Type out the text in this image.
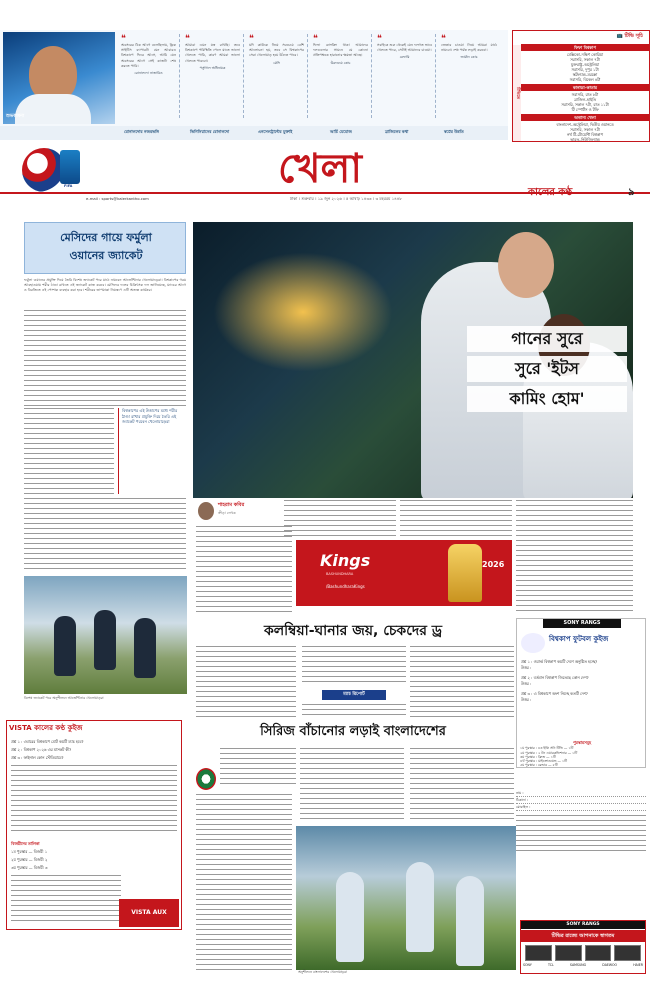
শুভকামনা
❝
অবসরের ঠিক আগে বলেছিলাম, ফ্লিক সাইটিস ব্যাপারটা যেন আবারও বিশ্বকাপে ফিরে আসে, আমি যেন অবসরের আগে সেই কাজটা শেষ করতে পারি।
রোনালদো নাজারিও
❝
আমারা এমন যত্ন রাখছি। তবে বিশ্বকাপে পরিস্থিতি পেলে যাতে ভালো খেলতে পারি, কারণ আমরা ভালো খেলতে পারবো।
পর্তুগাল অধিনায়ক
❝
যদি কাউকে নিয়ে সবচেয়ে বেশি আলোচনা হয়, তবে সে বিশ্বকাপের সেরা খেলোয়াড় হয়ে উঠতে পারে।
মেসি
❝
ফিফা র‍্যাংকিং থাকা আমাদের দলগুলোর সামনে যে কোনো প্রতিপক্ষকে হারানোর ক্ষমতা আছে।
উরুগুয়ে কোচ
❝
সবাইকে শুরু থেকেই যেন দলগত ভাবে খেলতে পারে, সেটাই আমাদের চাওয়া।
রেফারি
❝
জেতার চাওয়া নিয়ে আমরা মাঠে নামবো। শেষ পর্যন্ত লড়াই করবো।
জার্মান কোচ
রোনালদোর নজরভঙ্গি	ভিনিসিয়াসের রোনালদো	এনসেলট্রান্টের মুক্তাই	আর্চি মেমোজ	ব্রাজিলের কথা	স্বপ্নের উন্নতি
📺 টিভি সূচি
টিভিতে
ফিফা বিশ্বকাপ
মেক্সিকো–দক্ষিণ কোরিয়া
সরাসরি, সকাল ৭টা
যুক্তরাষ্ট্র–অস্ট্রেলিয়া
সরাসরি, দুপুর ১টা
স্কটল্যান্ড–মরক্কো
সরাসরি, বিকেল ৪টা
কানাডা–কাতার
সরাসরি, রাত ৮টা
ব্রাজিল–হাইতি
সরাসরি, সকাল ৭টা, রাত ১১টা
টি স্পোর্টস ও টফি
অন্যান্য খেলা
বাংলাদেশ–অস্ট্রেলিয়া, দ্বিতীয় ওয়ানডে
সরাসরি, সকাল ৭টা
নর্থ টি-টোয়েন্টি বিশ্বকাপ
ভারত–নিউজিল্যান্ড
FIFA	খেলা
e-mail : sports@kalerkantho.com	ঢাকা । শুক্রবার । ১৯ জুন ২০২৬ । ৫ আষাঢ় ১৪৩৩ । ৩ মহররম ১৪৪৮
কালের কণ্ঠ	৯
মেসিদের গায়ে ফর্মুলা
ওয়ানের জ্যাকেট
ফর্মুলা ওয়ানের প্রযুক্তি দিয়ে তৈরি বিশেষ জ্যাকেট পরে মাঠে নামবেন আর্জেন্টিনার খেলোয়াড়েরা। বিশ্বকাপের গরম আবহাওয়ায় শরীর ঠাণ্ডা রাখতে এই জ্যাকেট কাজ করবে। মেসিদের দলের চিকিৎসক দল জানিয়েছে, ম্যাচের আগে ও বিরতিতে এই পোশাক ব্যবহার করা হবে। শরীরের তাপমাত্রা নিয়ন্ত্রণে এটি অত্যন্ত কার্যকর।
বিশ্বকাপের এই উত্তাপের মধ্যে শরীর ঠাণ্ডা রাখার প্রযুক্তি দিয়ে তৈরি এই জ্যাকেট পরবেন খেলোয়াড়েরা
বিশেষ জ্যাকেট পরে অনুশীলনে আর্জেন্টিনার খেলোয়াড়রা
গানের সুরে
সুরে 'ইটস
কামিং হোম'
শাহরাম কবির
ক্রীড়া লেখক
Kings
BASHUNDHARA
/BashundharaKings
2026
কলম্বিয়া-ঘানার জয়, চেকদের ড্র
ম্যাচ রিপোর্ট
SONY RANGS
বিশ্বকাপ ফুটবল কুইজ
প্রশ্ন ১ : ওয়ার্ল্ড বিশ্বকাপ কয়টি দেশে অনুষ্ঠিত হচ্ছে?
উত্তর :
প্রশ্ন ২ : বর্তমান বিশ্বকাপ জিতেছে কোন দেশ?
উত্তর :
প্রশ্ন ৩ : এ বিশ্বকাপে অংশ নিচ্ছে কতটি দেশ?
উত্তর :
পুরস্কারসমূহ
১ম পুরস্কার : ৪৩ ইঞ্চি সনি টিভি — ১টি
২য় পুরস্কার : ২ টন এয়ারকন্ডিশনার — ১টি
৩য় পুরস্কার : ফ্রিজ — ১টি
৪র্থ পুরস্কার : মাইক্রোওয়েভ — ১টি
৫ম পুরস্কার : ব্লেন্ডার — ৫টি
নাম :
ঠিকানা :
মোবাইল :
VISTA কালের কণ্ঠ কুইজ
প্রশ্ন ১ : এবারের বিশ্বকাপে মোট কয়টি ম্যাচ হবে?
প্রশ্ন ২ : বিশ্বকাপ ২০২৬ এর মাসকট কী?
প্রশ্ন ৩ : ফাইনাল কোন স্টেডিয়ামে?
বিজয়ীদের তালিকা
১ম পুরস্কার — বিজয়ী ১
২য় পুরস্কার — বিজয়ী ২
৩য় পুরস্কার — বিজয়ী ৩
VISTA AUX
সিরিজ বাঁচানোর লড়াই বাংলাদেশের
অনুশীলনে বাংলাদেশের খেলোয়াড়রা
SONY RANGS
টিভির রাজ্যে আপনাকে স্বাগতম
SONY	TCL	SAMSUNG	DAEWOO	HAIER
